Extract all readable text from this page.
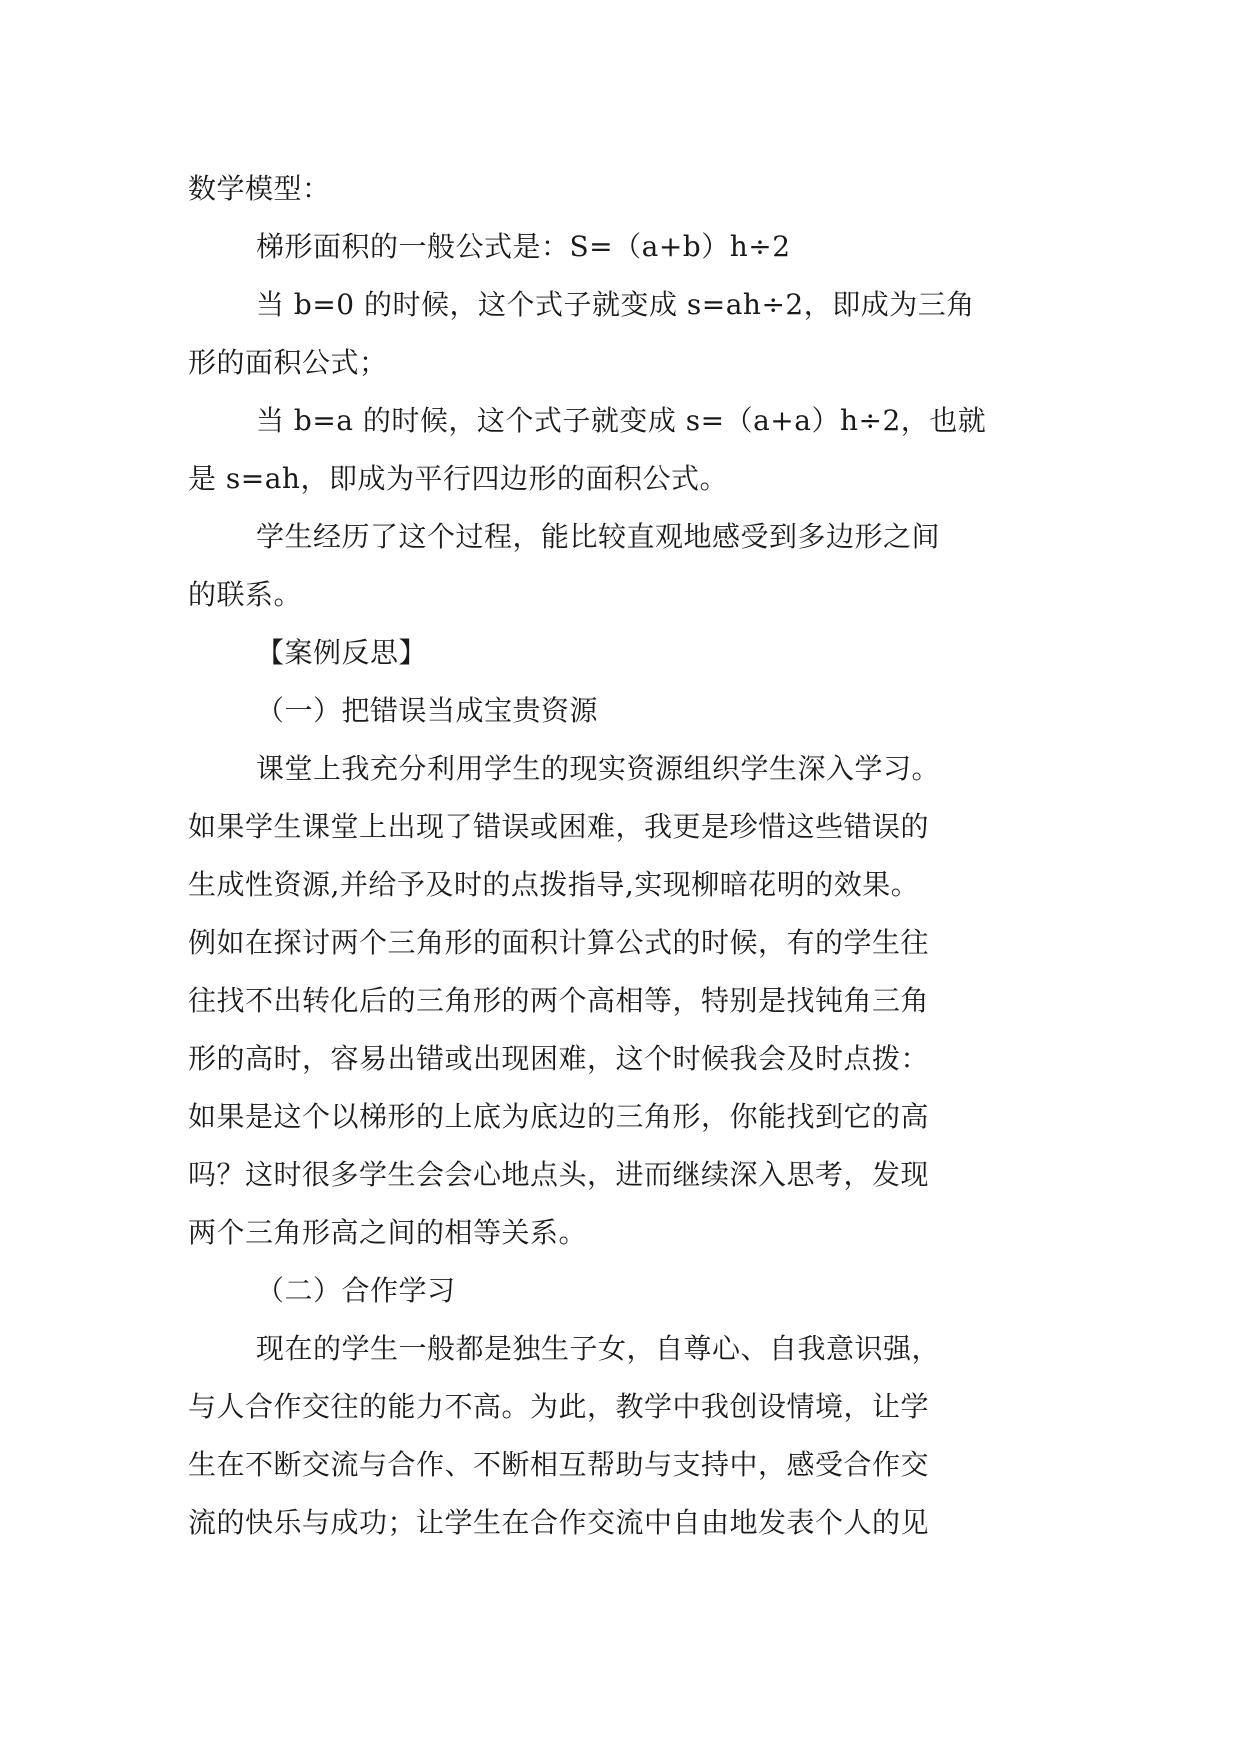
数学模型：
梯形面积的一般公式是：S=（a+b）h÷2
当 b=0 的时候，这个式子就变成 s=ah÷2，即成为三角
形的面积公式；
当 b=a 的时候，这个式子就变成 s=（a+a）h÷2，也就
是 s=ah，即成为平行四边形的面积公式。
学生经历了这个过程，能比较直观地感受到多边形之间
的联系。
【案例反思】
（一）把错误当成宝贵资源
课堂上我充分利用学生的现实资源组织学生深入学习。
如果学生课堂上出现了错误或困难，我更是珍惜这些错误的
生成性资源,并给予及时的点拨指导,实现柳暗花明的效果。
例如在探讨两个三角形的面积计算公式的时候，有的学生往
往找不出转化后的三角形的两个高相等，特别是找钝角三角
形的高时，容易出错或出现困难，这个时候我会及时点拨：
如果是这个以梯形的上底为底边的三角形，你能找到它的高
吗？这时很多学生会会心地点头，进而继续深入思考，发现
两个三角形高之间的相等关系。
（二）合作学习
现在的学生一般都是独生子女，自尊心、自我意识强，
与人合作交往的能力不高。为此，教学中我创设情境，让学
生在不断交流与合作、不断相互帮助与支持中，感受合作交
流的快乐与成功；让学生在合作交流中自由地发表个人的见
